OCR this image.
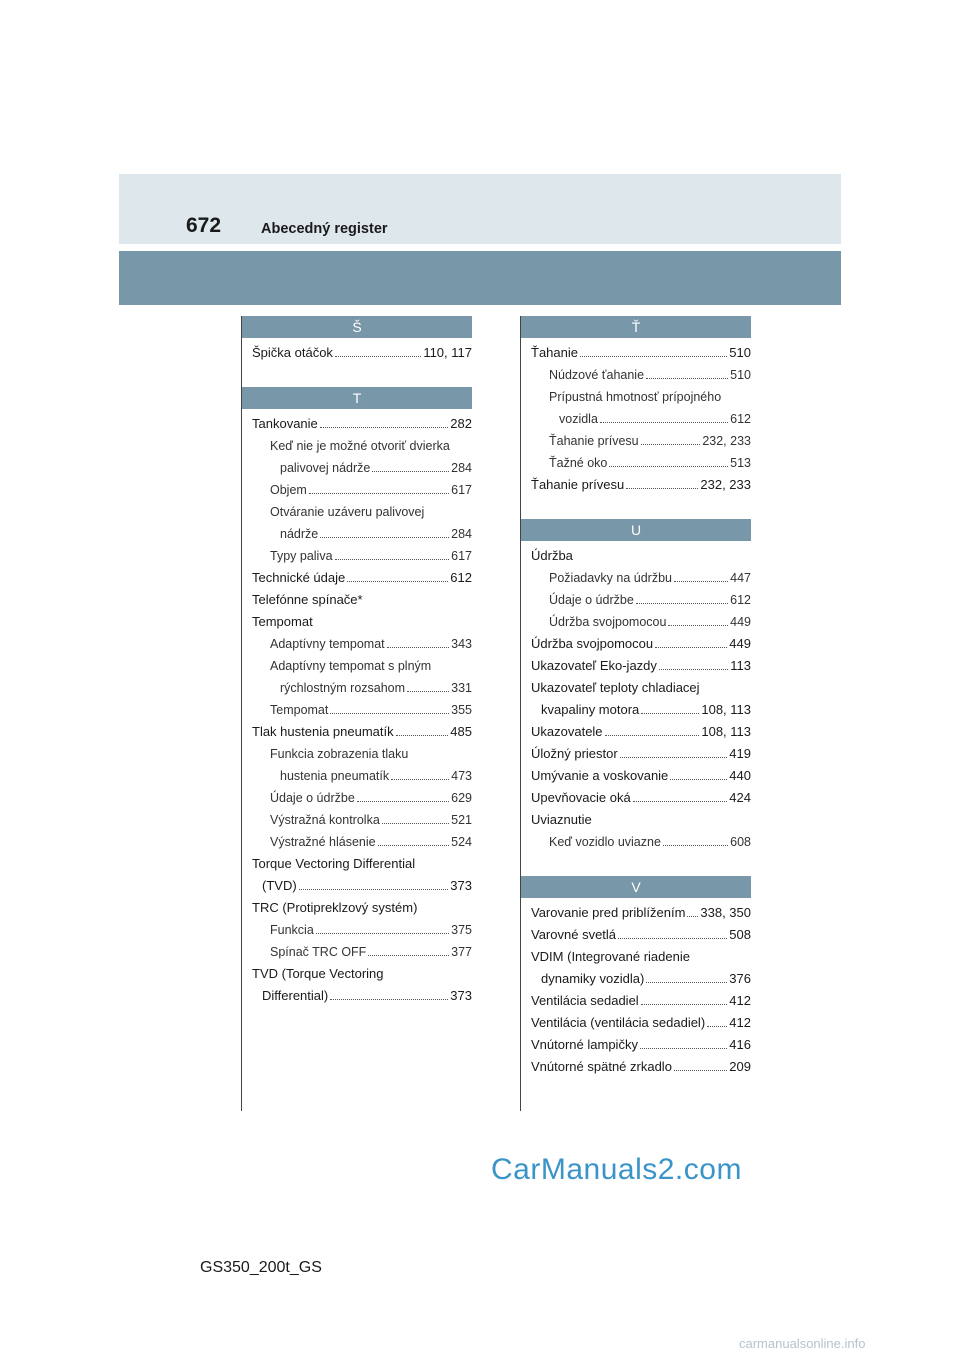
672	Abecedný register
Š
Špička otáčok	110, 117
T
Tankovanie	282
Keď nie je možné otvoriť dvierka
palivovej nádrže	284
Objem	617
Otváranie uzáveru palivovej
nádrže	284
Typy paliva	617
Technické údaje	612
Telefónne spínače*
Tempomat
Adaptívny tempomat	343
Adaptívny tempomat s plným
rýchlostným rozsahom	331
Tempomat	355
Tlak hustenia pneumatík	485
Funkcia zobrazenia tlaku
hustenia pneumatík	473
Údaje o údržbe	629
Výstražná kontrolka	521
Výstražné hlásenie	524
Torque Vectoring Differential
(TVD)	373
TRC (Protipreklzový systém)
Funkcia	375
Spínač TRC OFF	377
TVD (Torque Vectoring
Differential)	373
Ť
Ťahanie	510
Núdzové ťahanie	510
Prípustná hmotnosť prípojného
vozidla	612
Ťahanie prívesu	232, 233
Ťažné oko	513
Ťahanie prívesu	232, 233
U
Údržba
Požiadavky na údržbu	447
Údaje o údržbe	612
Údržba svojpomocou	449
Údržba svojpomocou	449
Ukazovateľ Eko-jazdy	113
Ukazovateľ teploty chladiacej
kvapaliny motora	108, 113
Ukazovatele	108, 113
Úložný priestor	419
Umývanie a voskovanie	440
Upevňovacie oká	424
Uviaznutie
Keď vozidlo uviazne	608
V
Varovanie pred priblížením 338, 350
Varovné svetlá	508
VDIM (Integrované riadenie
dynamiky vozidla)	376
Ventilácia sedadiel	412
Ventilácia (ventilácia sedadiel) 412
Vnútorné lampičky	416
Vnútorné spätné zrkadlo	209
CarManuals2.com
GS350_200t_GS
carmanualsonline.info
